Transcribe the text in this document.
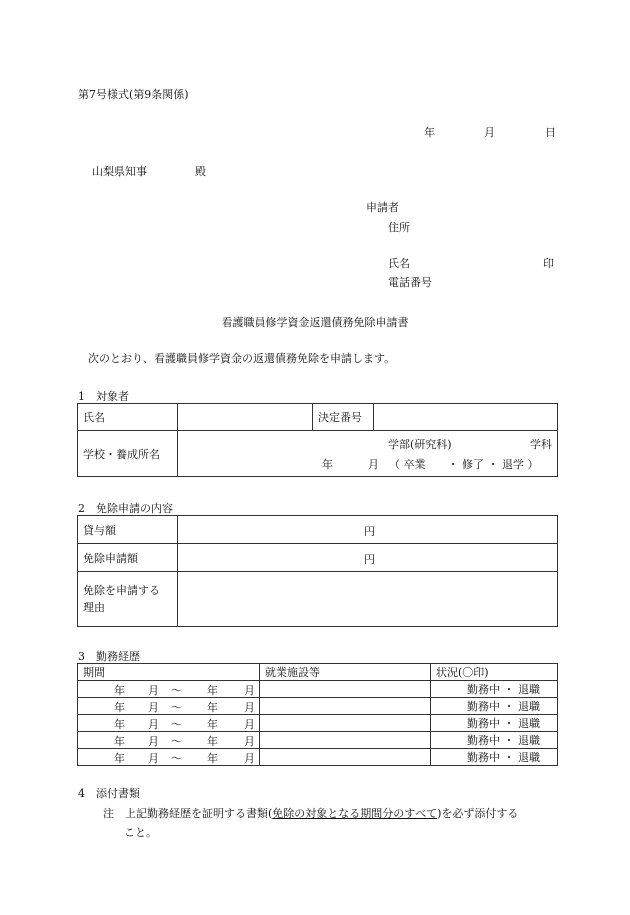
第7号様式(第9条関係)
年	月	日
山梨県知事	殿
申請者
住所
氏名	印
電話番号
看護職員修学資金返還債務免除申請書
次のとおり、看護職員修学資金の返還債務免除を申請します。
1　対象者
氏名		決定番号	
学校・養成所名	学部(研究科) 学科
年 月 （ 卒業　　・ 修了 ・ 退学 ）		
2　免除申請の内容
貸与額	円

免除申請額	円

免除を申請する
理由	

3　勤務経歴
期間	就業施設等	状況(〇印)

年 月 ～ 年 月		勤務中 ・ 退職

年 月 ～ 年 月		勤務中 ・ 退職

年 月 ～ 年 月		勤務中 ・ 退職

年 月 ～ 年 月		勤務中 ・ 退職

年 月 ～ 年 月		勤務中 ・ 退職
4　添付書類
注　上記勤務経歴を証明する書類(免除の対象となる期間分のすべて)を必ず添付する
こと。
